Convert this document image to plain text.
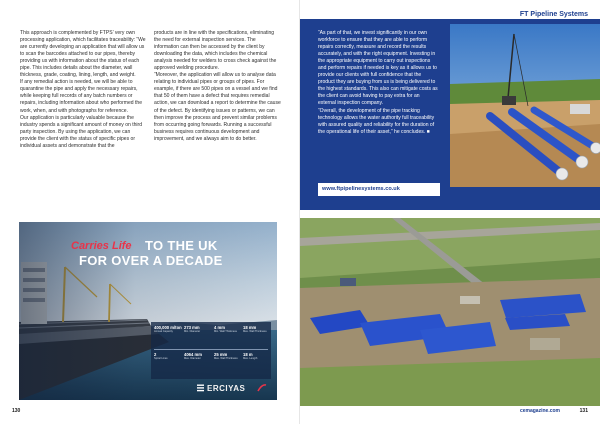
This approach is complemented by FTPS’ very own processing application, which facilitates traceability: “We are currently developing an application that will allow us to scan the barcodes attached to our pipes, thereby providing us with information about the status of each pipe. This includes details about the diameter, wall thickness, grade, coating, lining, length, and weight.
If any remedial action is needed, we will be able to quarantine the pipe and apply the necessary repairs, while keeping full records of any batch numbers or repairs, including information about who performed the work, when, and with photographs for reference.
Our application is particularly valuable because the industry spends a significant amount of money on third party inspection. By using the application, we can provide the client with the status of specific pipes or individual assets and demonstrate that the
products are in line with the specifications, eliminating the need for external inspection services. The information can then be accessed by the client by downloading the data, which includes the chemical analysis needed for welders to cross check against the approved welding procedure.
“Moreover, the application will allow us to analyse data relating to individual pipes or groups of pipes. For example, if there are 500 pipes on a vessel and we find that 50 of them have a defect that requires remedial action, we can download a report to determine the cause of the defect. By identifying issues or patterns, we can then improve the process and prevent similar problems from occurring going forwards. Running a successful business requires continuous development and improvement, and we always aim to do better.
Carries Life TO THE UK
FOR OVER A DECADE
400,000 m/ton
Annual Capacity
273 mm
Min. Diameter
4 mm
Min. Wall Thickness
18 mm
Max. Wall Thickness
2
Spiral Lines
4064 mm
Max. Diameter
25 mm
Max. Wall Thickness
18 m
Max. Length
ERCIYAS
130
FT Pipeline Systems
“As part of that, we invest significantly in our own workforce to ensure that they are able to perform repairs correctly, measure and record the results accurately, and with the right equipment. Investing in the appropriate equipment to carry out inspections and perform repairs if needed is key as it allows us to provide our clients with full confidence that the product they are buying from us is being delivered to the highest standards. This also can mitigate costs as the client can avoid having to pay extra for an external inspection company.
“Overall, the development of the pipe tracking technology allows the water authority full traceability with assured quality and reliability for the duration of the operational life of their asset,” he concludes. ■
www.ftpipelinesystems.co.uk
cemagazine.com	131
